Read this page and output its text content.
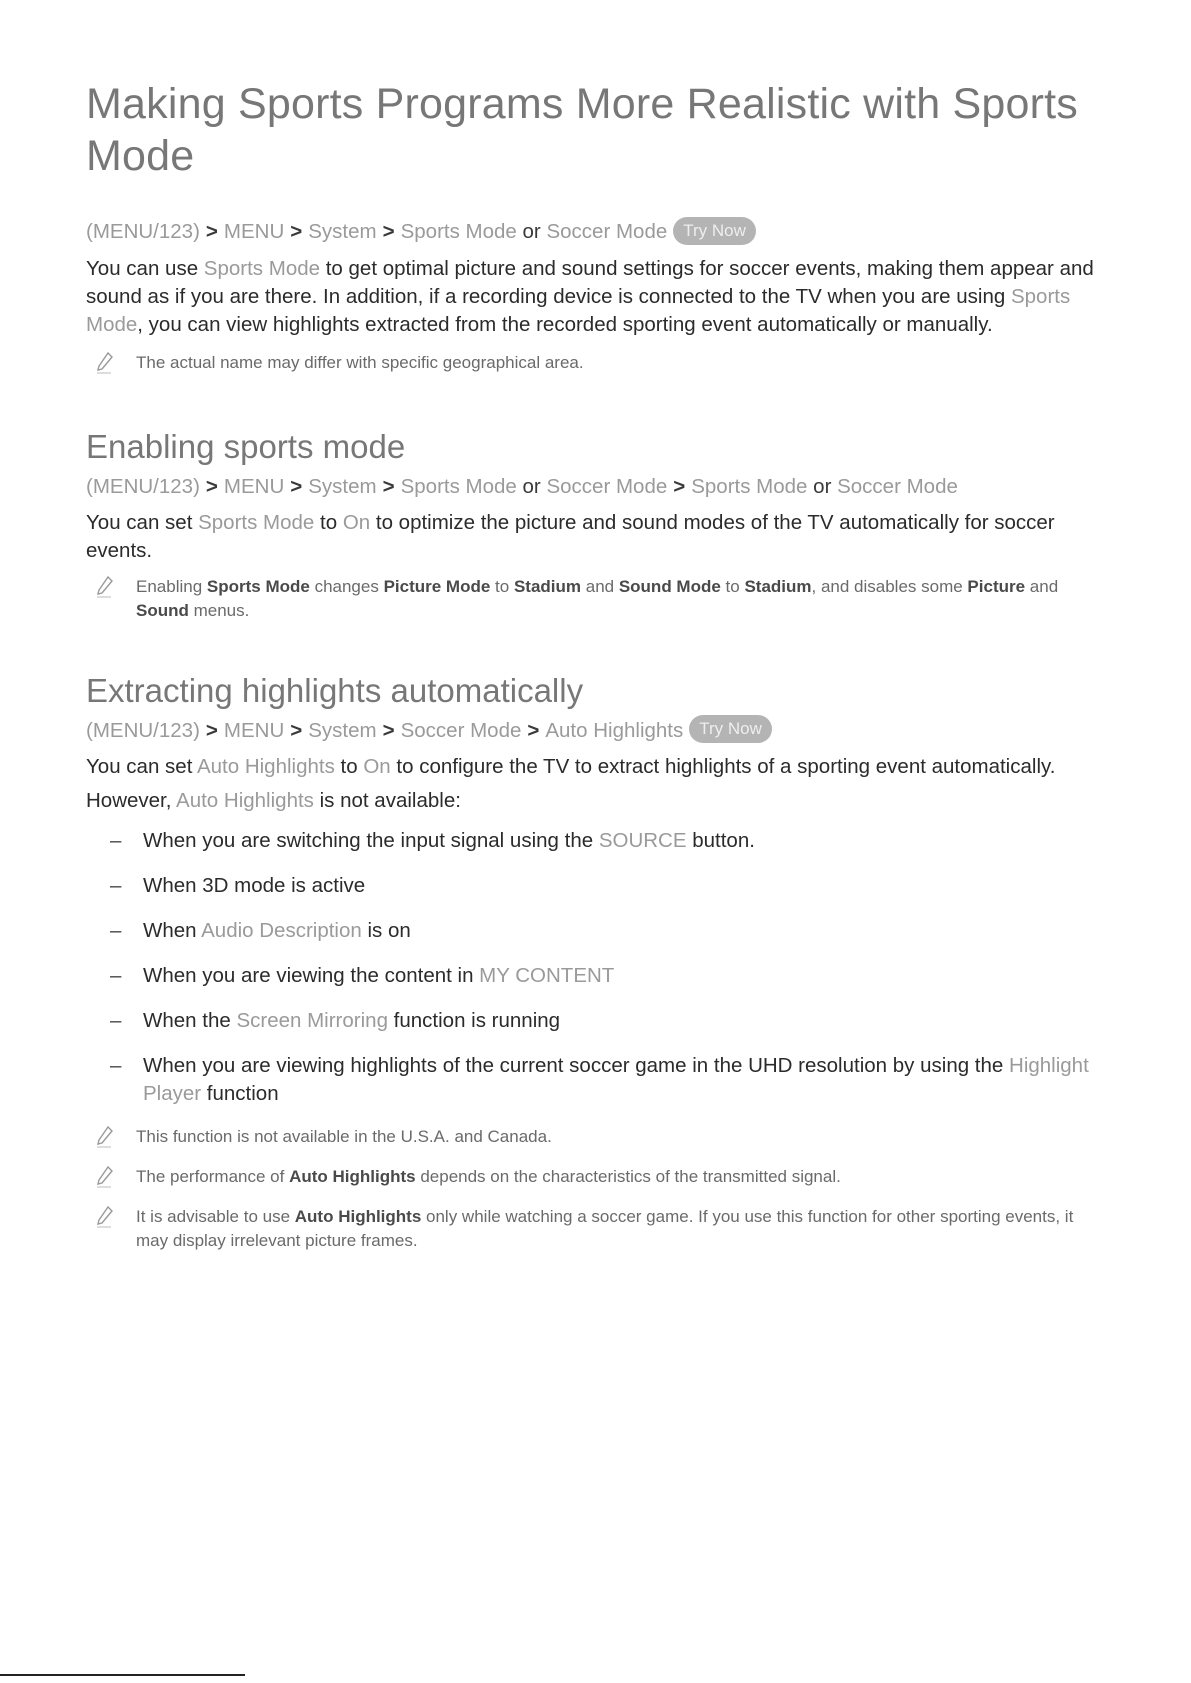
Making Sports Programs More Realistic with Sports Mode
(MENU/123) > MENU > System > Sports Mode or Soccer Mode Try Now

You can use Sports Mode to get optimal picture and sound settings for soccer events, making them appear and sound as if you are there. In addition, if a recording device is connected to the TV when you are using Sports Mode, you can view highlights extracted from the recorded sporting event automatically or manually.

The actual name may differ with specific geographical area.
Enabling sports mode
(MENU/123) > MENU > System > Sports Mode or Soccer Mode > Sports Mode or Soccer Mode

You can set Sports Mode to On to optimize the picture and sound modes of the TV automatically for soccer events.

Enabling Sports Mode changes Picture Mode to Stadium and Sound Mode to Stadium, and disables some Picture and Sound menus.
Extracting highlights automatically
(MENU/123) > MENU > System > Soccer Mode > Auto Highlights Try Now

You can set Auto Highlights to On to configure the TV to extract highlights of a sporting event automatically.

However, Auto Highlights is not available:

– When you are switching the input signal using the SOURCE button.
– When 3D mode is active
– When Audio Description is on
– When you are viewing the content in MY CONTENT
– When the Screen Mirroring function is running
– When you are viewing highlights of the current soccer game in the UHD resolution by using the Highlight Player function
This function is not available in the U.S.A. and Canada.
The performance of Auto Highlights depends on the characteristics of the transmitted signal.
It is advisable to use Auto Highlights only while watching a soccer game. If you use this function for other sporting events, it may display irrelevant picture frames.
